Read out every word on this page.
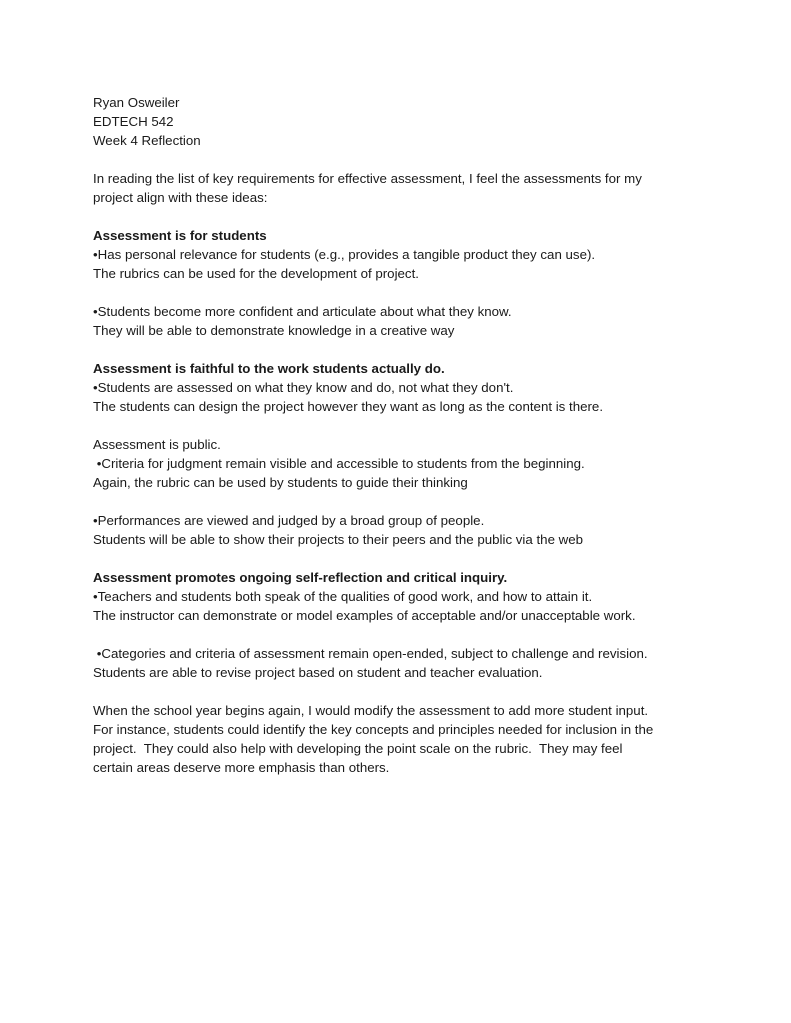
Ryan Osweiler
EDTECH 542
Week 4 Reflection
In reading the list of key requirements for effective assessment, I feel the assessments for my
project align with these ideas:
Assessment is for students
•Has personal relevance for students (e.g., provides a tangible product they can use).
The rubrics can be used for the development of project.
•Students become more confident and articulate about what they know.
They will be able to demonstrate knowledge in a creative way
Assessment is faithful to the work students actually do.
•Students are assessed on what they know and do, not what they don't.
The students can design the project however they want as long as the content is there.
Assessment is public.
•Criteria for judgment remain visible and accessible to students from the beginning.
Again, the rubric can be used by students to guide their thinking
•Performances are viewed and judged by a broad group of people.
Students will be able to show their projects to their peers and the public via the web
Assessment promotes ongoing self-reflection and critical inquiry.
•Teachers and students both speak of the qualities of good work, and how to attain it.
The instructor can demonstrate or model examples of acceptable and/or unacceptable work.
•Categories and criteria of assessment remain open-ended, subject to challenge and revision.
Students are able to revise project based on student and teacher evaluation.
When the school year begins again, I would modify the assessment to add more student input.
For instance, students could identify the key concepts and principles needed for inclusion in the
project.  They could also help with developing the point scale on the rubric.  They may feel
certain areas deserve more emphasis than others.
